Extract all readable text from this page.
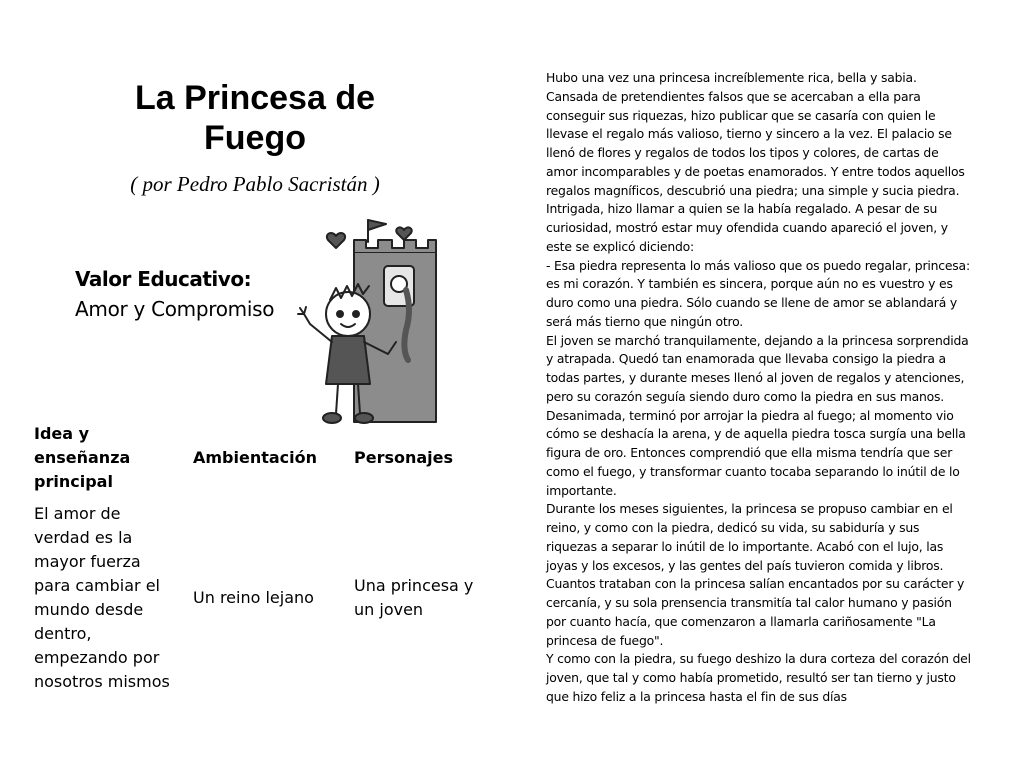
La Princesa de Fuego
( por Pedro Pablo Sacristán )
Valor Educativo:
Amor y Compromiso
Idea y enseñanza principal	Ambientación	Personajes
El amor de verdad es la mayor fuerza para cambiar el mundo desde dentro, empezando por nosotros mismos	Un reino lejano	Una princesa y un joven

Hubo una vez una princesa increíblemente rica, bella y sabia. Cansada de pretendientes falsos que se acercaban a ella para conseguir sus riquezas, hizo publicar que se casaría con quien le llevase el regalo más valioso, tierno y sincero a la vez. El palacio se llenó de flores y regalos de todos los tipos y colores, de cartas de amor incomparables y de poetas enamorados. Y entre todos aquellos regalos magníficos, descubrió una piedra; una simple y sucia piedra. Intrigada, hizo llamar a quien se la había regalado. A pesar de su curiosidad, mostró estar muy ofendida cuando apareció el joven, y este se explicó diciendo:

- Esa piedra representa lo más valioso que os puedo regalar, princesa: es mi corazón. Y también es sincera, porque aún no es vuestro y es duro como una piedra. Sólo cuando se llene de amor se ablandará y será más tierno que ningún otro.

El joven se marchó tranquilamente, dejando a la princesa sorprendida y atrapada. Quedó tan enamorada que llevaba consigo la piedra a todas partes, y durante meses llenó al joven de regalos y atenciones, pero su corazón seguía siendo duro como la piedra en sus manos. Desanimada, terminó por arrojar la piedra al fuego; al momento vio cómo se deshacía la arena, y de aquella piedra tosca surgía una bella figura de oro. Entonces comprendió que ella misma tendría que ser como el fuego, y transformar cuanto tocaba separando lo inútil de lo importante.

Durante los meses siguientes, la princesa se propuso cambiar en el reino, y como con la piedra, dedicó su vida, su sabiduría y sus riquezas a separar lo inútil de lo importante. Acabó con el lujo, las joyas y los excesos, y las gentes del país tuvieron comida y libros. Cuantos trataban con la princesa salían encantados por su carácter y cercanía, y su sola prensencia transmitía tal calor humano y pasión por cuanto hacía, que comenzaron a llamarla cariñosamente "La princesa de fuego".

Y como con la piedra, su fuego deshizo la dura corteza del corazón del joven, que tal y como había prometido, resultó ser tan tierno y justo que hizo feliz a la princesa hasta el fin de sus días
